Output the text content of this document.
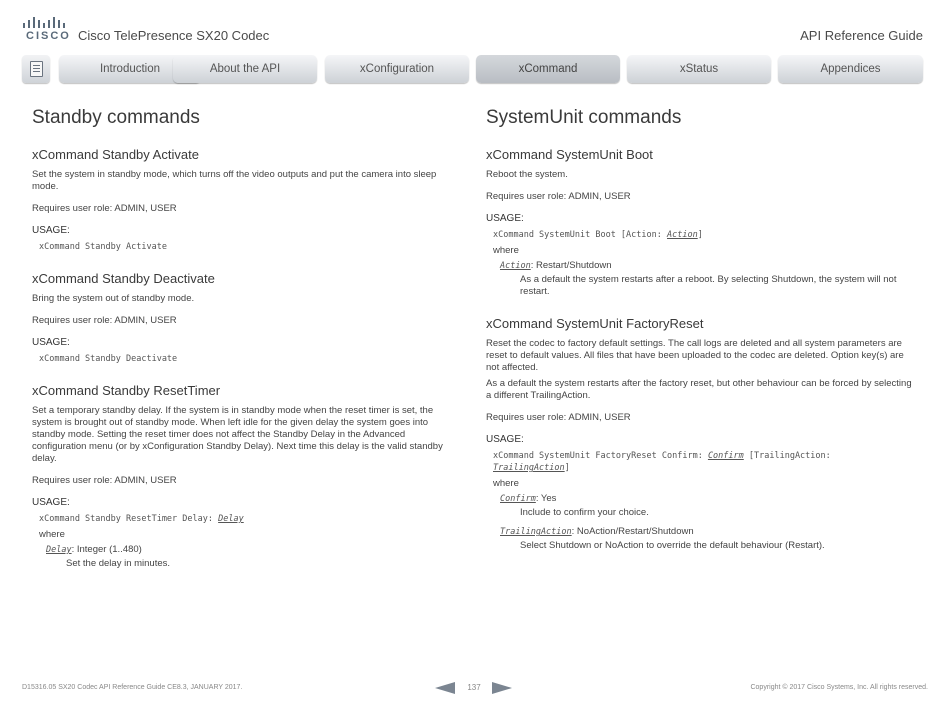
CISCO Cisco TelePresence SX20 Codec	API Reference Guide
Introduction	About the API	xConfiguration	xCommand	xStatus	Appendices
Standby commands
xCommand Standby Activate

Set the system in standby mode, which turns off the video outputs and put the camera into sleep mode.

Requires user role: ADMIN, USER

USAGE:
xCommand Standby Activate
xCommand Standby Deactivate

Bring the system out of standby mode.

Requires user role: ADMIN, USER

USAGE:
xCommand Standby Deactivate
xCommand Standby ResetTimer

Set a temporary standby delay. If the system is in standby mode when the reset timer is set, the system is brought out of standby mode. When left idle for the given delay the system goes into standby mode. Setting the reset timer does not affect the Standby Delay in the Advanced configuration menu (or by xConfiguration Standby Delay). Next time this delay is the valid standby delay.

Requires user role: ADMIN, USER

USAGE:
xCommand Standby ResetTimer Delay: Delay
where
Delay: Integer (1..480)
Set the delay in minutes.
SystemUnit commands
xCommand SystemUnit Boot

Reboot the system.

Requires user role: ADMIN, USER

USAGE:
xCommand SystemUnit Boot [Action: Action]
where
Action: Restart/Shutdown
As a default the system restarts after a reboot. By selecting Shutdown, the system will not restart.
xCommand SystemUnit FactoryReset

Reset the codec to factory default settings. The call logs are deleted and all system parameters are reset to default values. All files that have been uploaded to the codec are deleted. Option key(s) are not affected.

As a default the system restarts after the factory reset, but other behaviour can be forced by selecting a different TrailingAction.

Requires user role: ADMIN, USER

USAGE:
xCommand SystemUnit FactoryReset Confirm: Confirm [TrailingAction:
TrailingAction]
where
Confirm: Yes
Include to confirm your choice.
TrailingAction: NoAction/Restart/Shutdown
Select Shutdown or NoAction to override the default behaviour (Restart).
D15316.05 SX20 Codec API Reference Guide CE8.3, JANUARY 2017.	137	Copyright © 2017 Cisco Systems, Inc. All rights reserved.
